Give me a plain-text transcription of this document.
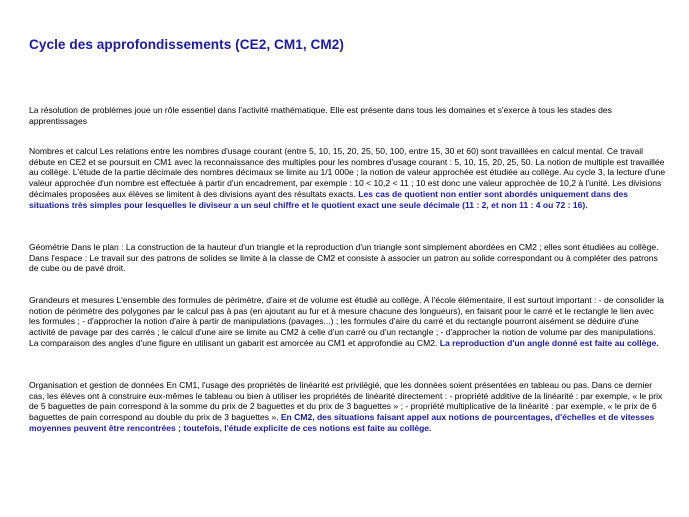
Cycle des approfondissements (CE2, CM1, CM2)

La résolution de problèmes joue un rôle essentiel dans l'activité mathématique. Elle est présente dans tous les domaines et s'exerce à tous les stades des apprentissages

Nombres et calcul Les relations entre les nombres d'usage courant (entre 5, 10, 15, 20, 25, 50, 100, entre 15, 30 et 60) sont travaillées en calcul mental. Ce travail débute en CE2 et se poursuit en CM1 avec la reconnaissance des multiples pour les nombres d'usage courant : 5, 10, 15, 20, 25, 50. La notion de multiple est travaillée au collège. L'étude de la partie décimale des nombres décimaux se limite au 1/1 000e ; la notion de valeur approchée est étudiée au collège. Au cycle 3, la lecture d'une valeur approchée d'un nombre est effectuée à partir d'un encadrement, par exemple : 10 < 10,2 < 11 ; 10 est donc une valeur approchée de 10,2 à l'unité. Les divisions décimales proposées aux élèves se limitent à des divisions ayant des résultats exacts. Les cas de quotient non entier sont abordés uniquement dans des situations très simples pour lesquelles le diviseur a un seul chiffre et le quotient exact une seule décimale (11 : 2, et non 11 : 4 ou 72 : 16).

Géométrie Dans le plan : La construction de la hauteur d'un triangle et la reproduction d'un triangle sont simplement abordées en CM2 ; elles sont étudiées au collège. Dans l'espace : Le travail sur des patrons de solides se limite à la classe de CM2 et consiste à associer un patron au solide correspondant ou à compléter des patrons de cube ou de pavé droit.

Grandeurs et mesures L'ensemble des formules de périmètre, d'aire et de volume est étudié au collège. À l'école élémentaire, il est surtout important : - de consolider la notion de périmètre des polygones par le calcul pas à pas (en ajoutant au fur et à mesure chacune des longueurs), en faisant pour le carré et le rectangle le lien avec les formules ; - d'approcher la notion d'aire à partir de manipulations (pavages...) ; les formules d'aire du carré et du rectangle pourront aisément se déduire d'une activité de pavage par des carrés ; le calcul d'une aire se limite au CM2 à celle d'un carré ou d'un rectangle ; - d'approcher la notion de volume par des manipulations. La comparaison des angles d'une figure en utilisant un gabarit est amorcée au CM1 et approfondie au CM2. La reproduction d'un angle donné est faite au collège.

Organisation et gestion de données En CM1, l'usage des propriétés de linéarité est privilégié, que les données soient présentées en tableau ou pas. Dans ce dernier cas, les élèves ont à construire eux-mêmes le tableau ou bien à utiliser les propriétés de linéarité directement : - propriété additive de la linéarité : par exemple, « le prix de 5 baguettes de pain correspond à la somme du prix de 2 baguettes et du prix de 3 baguettes » ; - propriété multiplicative de la linéarité : par exemple, « le prix de 6 baguettes de pain correspond au double du prix de 3 baguettes ». En CM2, des situations faisant appel aux notions de pourcentages, d'échelles et de vitesses moyennes peuvent être rencontrées ; toutefois, l'étude explicite de ces notions est faite au collège.
